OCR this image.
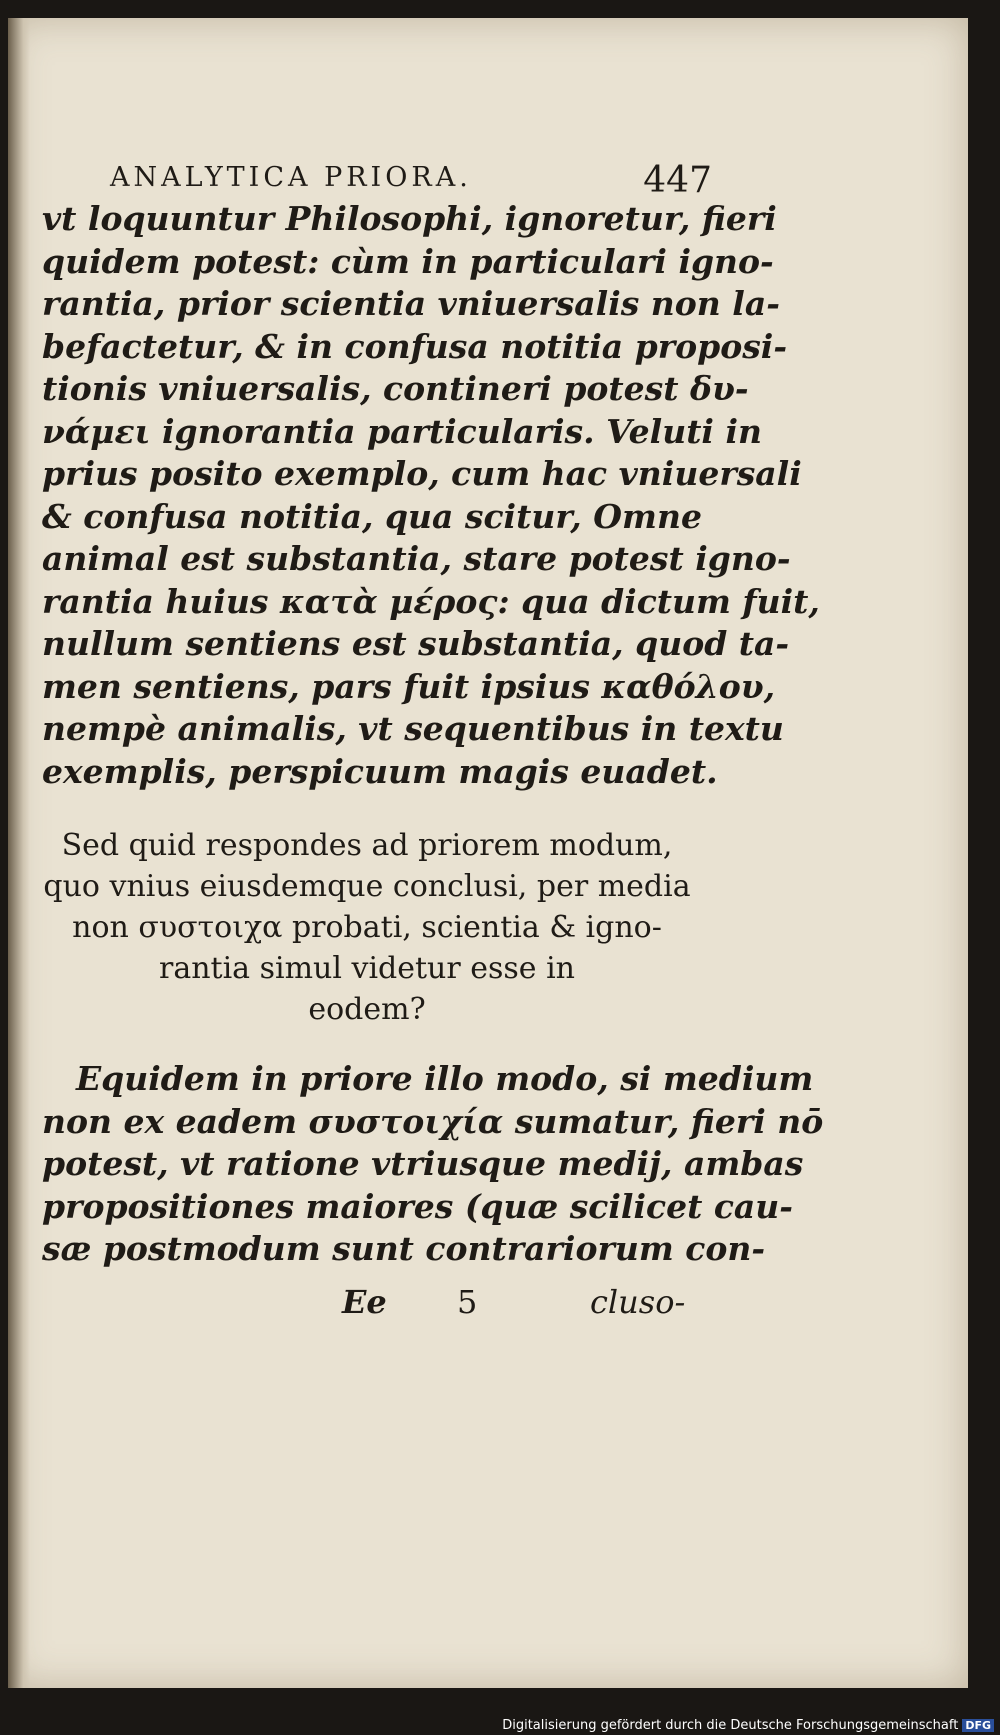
ANALYTICA PRIORA.	447

vt loquuntur Philosophi, ignoretur, fieri

quidem potest: cùm in particulari igno-

rantia, prior scientia vniuersalis non la-

befactetur, & in confusa notitia proposi-

tionis vniuersalis, contineri potest δυ-

νάμει ignorantia particularis. Veluti in

prius posito exemplo, cum hac vniuersali

& confusa notitia, qua scitur, Omne

animal est substantia, stare potest igno-

rantia huius κατὰ μέρος: qua dictum fuit,

nullum sentiens est substantia, quod ta-

men sentiens, pars fuit ipsius καθόλου,

nempè animalis, vt sequentibus in textu

exemplis, perspicuum magis euadet.

Sed quid respondes ad priorem modum,

quo vnius eiusdemque conclusi, per media

non συστοιχα probati, scientia & igno-

rantia simul videtur esse in

eodem?

Equidem in priore illo modo, si medium

non ex eadem συστοιχία sumatur, fieri nō

potest, vt ratione vtriusque medij, ambas

propositiones maiores (quæ scilicet cau-

sæ postmodum sunt contrariorum con-

Ee 5	cluso-
Digitalisierung gefördert durch die Deutsche Forschungsgemeinschaft DFG
